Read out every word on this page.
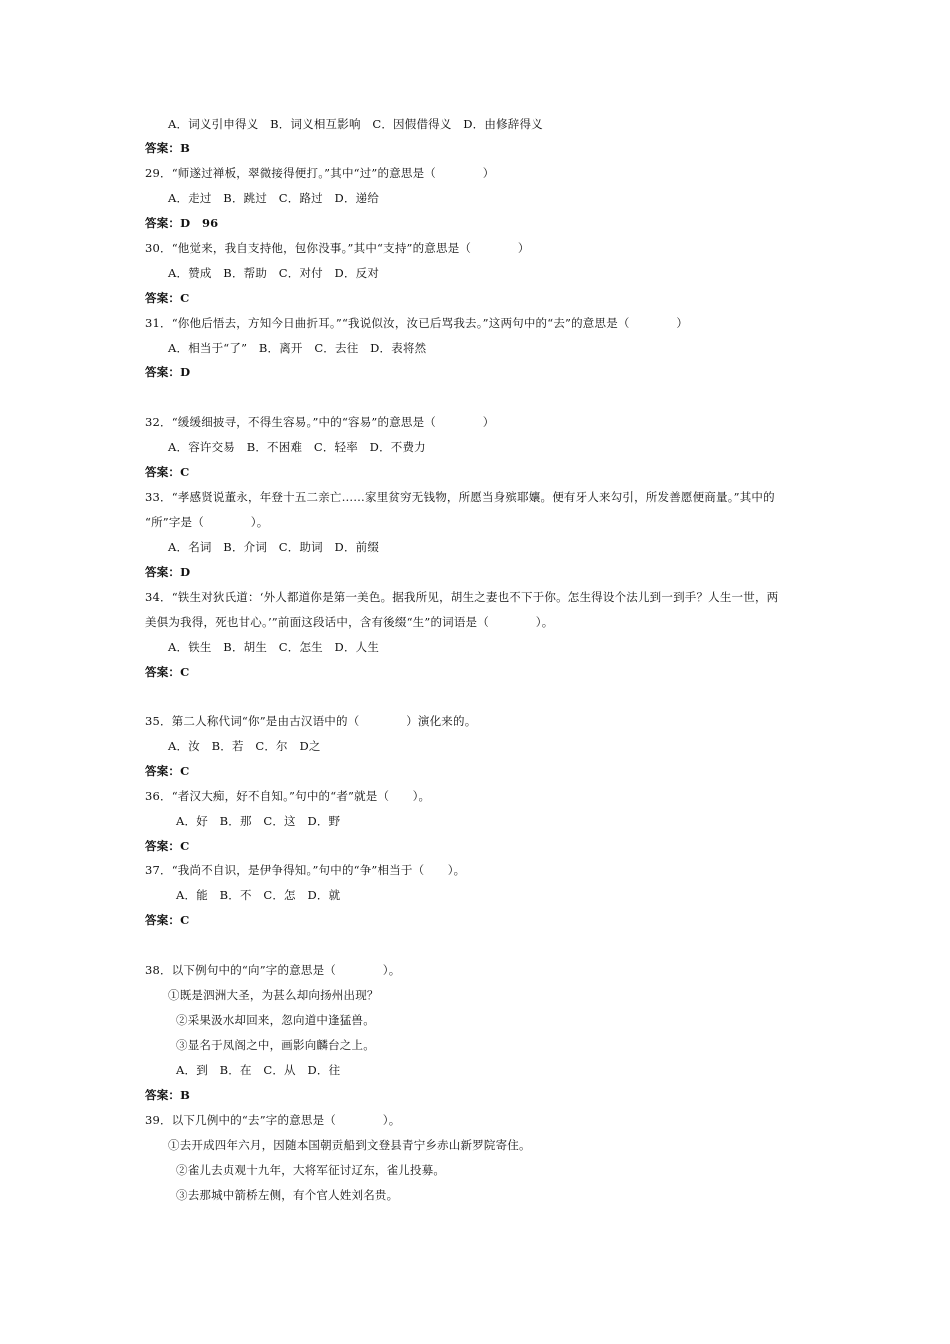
A．词义引申得义　B．词义相互影响　C．因假借得义　D．由修辞得义
答案：B
29．“师遂过禅板，翠微接得便打。”其中“过”的意思是（　　　　）
A．走过　B．跳过　C．路过　D．递给
答案：D　96
30．“他觉来，我自支持他，包你没事。”其中“支持”的意思是（　　　　）
A．赞成　B．帮助　C．对付　D．反对
答案：C
31．“你他后悟去，方知今日曲折耳。”“我说似汝，汝已后骂我去。”这两句中的“去”的意思是（　　　　）
A．相当于“了”　B．离开　C．去往　D．表将然
答案：D
32．“缓缓细披寻，不得生容易。”中的“容易”的意思是（　　　　）
A．容许交易　B．不困难　C．轻率　D．不费力
答案：C
33．“孝感贤说董永，年登十五二亲亡……家里贫穷无钱物，所愿当身殡耶孃。便有牙人来勾引，所发善愿便商量。”其中的
“所”字是（　　　　）。
A．名词　B．介词　C．助词　D．前缀
答案：D
34．“铁生对狄氏道：‘外人都道你是第一美色。据我所见，胡生之妻也不下于你。怎生得设个法儿到一到手？人生一世，两
美俱为我得，死也甘心。’”前面这段话中，含有後缀“生”的词语是（　　　　）。
A．铁生　B．胡生　C．怎生　D．人生
答案：C
35．第二人称代词“你”是由古汉语中的（　　　　）演化来的。
A．汝　B．若　C．尔　D之
答案：C
36．“者汉大痴，好不自知。”句中的“者”就是（　　）。
A．好　B．那　C．这　D．野
答案：C
37．“我尚不自识，是伊争得知。”句中的“争”相当于（　　）。
A．能　B．不　C．怎　D．就
答案：C
38．以下例句中的“向”字的意思是（　　　　）。
①既是泗洲大圣，为甚么却向扬州出现？
②采果汲水却回来，忽向道中逢猛兽。
③显名于凤阁之中，画影向麟台之上。
A．到　B．在　C．从　D．往
答案：B
39．以下几例中的“去”字的意思是（　　　　）。
①去开成四年六月，因随本国朝贡船到文登县青宁乡赤山新罗院寄住。
②雀儿去贞观十九年，大将军征讨辽东，雀儿投募。
③去那城中箭桥左侧，有个官人姓刘名贵。
